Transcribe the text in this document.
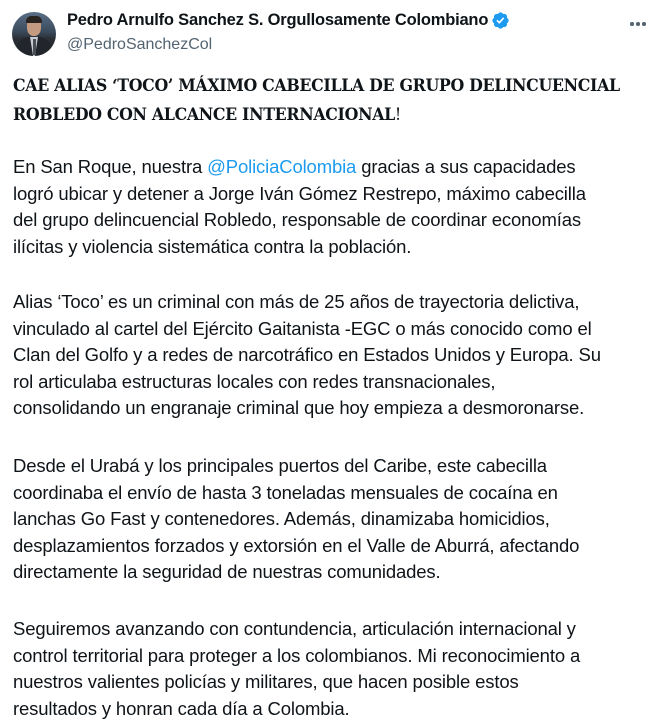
Pedro Arnulfo Sanchez S. Orgullosamente Colombiano
@PedroSanchezCol
CAE ALIAS ‘TOCO’ MÁXIMO CABECILLA DE GRUPO DELINCUENCIAL
ROBLEDO CON ALCANCE INTERNACIONAL!
En San Roque, nuestra @PoliciaColombia gracias a sus capacidades
logró ubicar y detener a Jorge Iván Gómez Restrepo, máximo cabecilla
del grupo delincuencial Robledo, responsable de coordinar economías
ilícitas y violencia sistemática contra la población.
Alias ‘Toco’ es un criminal con más de 25 años de trayectoria delictiva,
vinculado al cartel del Ejército Gaitanista -EGC o más conocido como el
Clan del Golfo y a redes de narcotráfico en Estados Unidos y Europa. Su
rol articulaba estructuras locales con redes transnacionales,
consolidando un engranaje criminal que hoy empieza a desmoronarse.
Desde el Urabá y los principales puertos del Caribe, este cabecilla
coordinaba el envío de hasta 3 toneladas mensuales de cocaína en
lanchas Go Fast y contenedores. Además, dinamizaba homicidios,
desplazamientos forzados y extorsión en el Valle de Aburrá, afectando
directamente la seguridad de nuestras comunidades.
Seguiremos avanzando con contundencia, articulación internacional y
control territorial para proteger a los colombianos. Mi reconocimiento a
nuestros valientes policías y militares, que hacen posible estos
resultados y honran cada día a Colombia.
